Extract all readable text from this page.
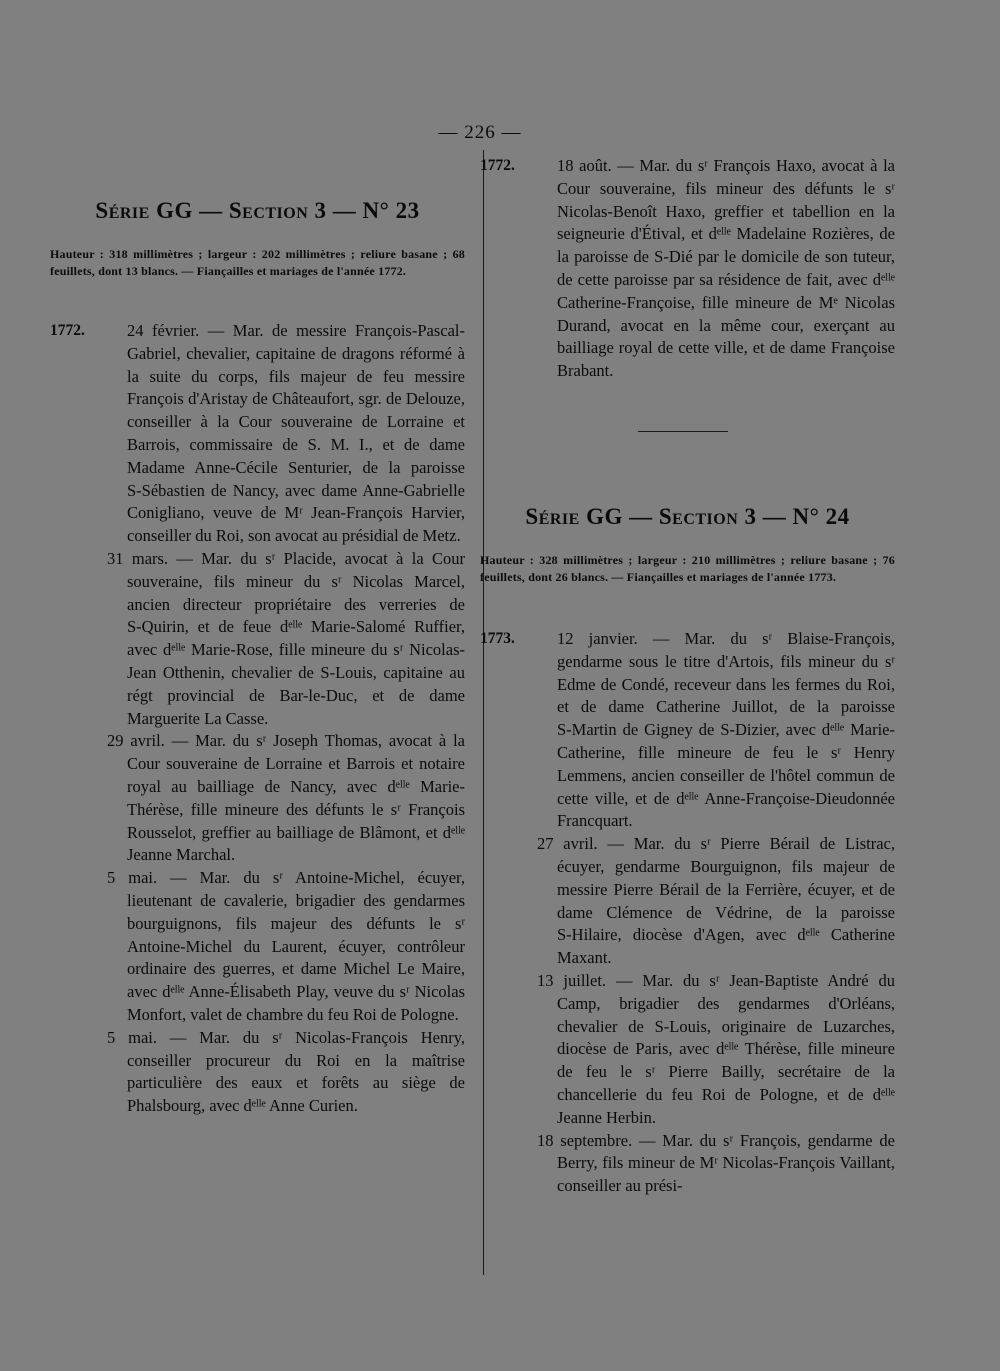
— 226 —
Série GG — Section 3 — N° 23

Hauteur : 318 millimètres ; largeur : 202 millimètres ; reliure basane ; 68 feuillets, dont 13 blancs. — Fiançailles et mariages de l'année 1772.

1772.	24 février. — Mar. de messire François-Pascal-Gabriel, chevalier, capitaine de dragons réformé à la suite du corps, fils majeur de feu messire François d'Aristay de Châteaufort, sgr. de Delouze, conseiller à la Cour souveraine de Lorraine et Barrois, commissaire de S. M. I., et de dame Madame Anne-Cécile Senturier, de la paroisse S‑Sébastien de Nancy, avec dame Anne-Gabrielle Conigliano, veuve de Mʳ Jean-François Harvier, conseiller du Roi, son avocat au présidial de Metz.

31 mars. — Mar. du sʳ Placide, avocat à la Cour souveraine, fils mineur du sʳ Nicolas Marcel, ancien directeur propriétaire des verreries de S‑Quirin, et de feue dᵉˡˡᵉ Marie-Salomé Ruffier, avec dᵉˡˡᵉ Marie-Rose, fille mineure du sʳ Nicolas-Jean Otthenin, chevalier de S‑Louis, capitaine au régt provincial de Bar-le-Duc, et de dame Marguerite La Casse.

29 avril. — Mar. du sʳ Joseph Thomas, avocat à la Cour souveraine de Lorraine et Barrois et notaire royal au bailliage de Nancy, avec dᵉˡˡᵉ Marie-Thérèse, fille mineure des défunts le sʳ François Rousselot, greffier au bailliage de Blâmont, et dᵉˡˡᵉ Jeanne Marchal.

5 mai. — Mar. du sʳ Antoine-Michel, écuyer, lieutenant de cavalerie, brigadier des gendarmes bourguignons, fils majeur des défunts le sʳ Antoine-Michel du Laurent, écuyer, contrôleur ordinaire des guerres, et dame Michel Le Maire, avec dᵉˡˡᵉ Anne-Élisabeth Play, veuve du sʳ Nicolas Monfort, valet de chambre du feu Roi de Pologne.

5 mai. — Mar. du sʳ Nicolas-François Henry, conseiller procureur du Roi en la maîtrise particulière des eaux et forêts au siège de Phalsbourg, avec dᵉˡˡᵉ Anne Curien.

1772.	18 août. — Mar. du sʳ François Haxo, avocat à la Cour souveraine, fils mineur des défunts le sʳ Nicolas-Benoît Haxo, greffier et tabellion en la seigneurie d'Étival, et dᵉˡˡᵉ Madelaine Rozières, de la paroisse de S‑Dié par le domicile de son tuteur, de cette paroisse par sa résidence de fait, avec dᵉˡˡᵉ Catherine-Françoise, fille mineure de Mᵉ Nicolas Durand, avocat en la même cour, exerçant au bailliage royal de cette ville, et de dame Françoise Brabant.

Série GG — Section 3 — N° 24

Hauteur : 328 millimètres ; largeur : 210 millimètres ; reliure basane ; 76 feuillets, dont 26 blancs. — Fiançailles et mariages de l'année 1773.

1773.	12 janvier. — Mar. du sʳ Blaise-François, gendarme sous le titre d'Artois, fils mineur du sʳ Edme de Condé, receveur dans les fermes du Roi, et de dame Catherine Juillot, de la paroisse S‑Martin de Gigney de S‑Dizier, avec dᵉˡˡᵉ Marie-Catherine, fille mineure de feu le sʳ Henry Lemmens, ancien conseiller de l'hôtel commun de cette ville, et de dᵉˡˡᵉ Anne-Françoise-Dieudonnée Francquart.

27 avril. — Mar. du sʳ Pierre Bérail de Listrac, écuyer, gendarme Bourguignon, fils majeur de messire Pierre Bérail de la Ferrière, écuyer, et de dame Clémence de Védrine, de la paroisse S‑Hilaire, diocèse d'Agen, avec dᵉˡˡᵉ Catherine Maxant.

13 juillet. — Mar. du sʳ Jean-Baptiste André du Camp, brigadier des gendarmes d'Orléans, chevalier de S‑Louis, originaire de Luzarches, diocèse de Paris, avec dᵉˡˡᵉ Thérèse, fille mineure de feu le sʳ Pierre Bailly, secrétaire de la chancellerie du feu Roi de Pologne, et de dᵉˡˡᵉ Jeanne Herbin.

18 septembre. — Mar. du sʳ François, gendarme de Berry, fils mineur de Mʳ Nicolas-François Vaillant, conseiller au prési-
